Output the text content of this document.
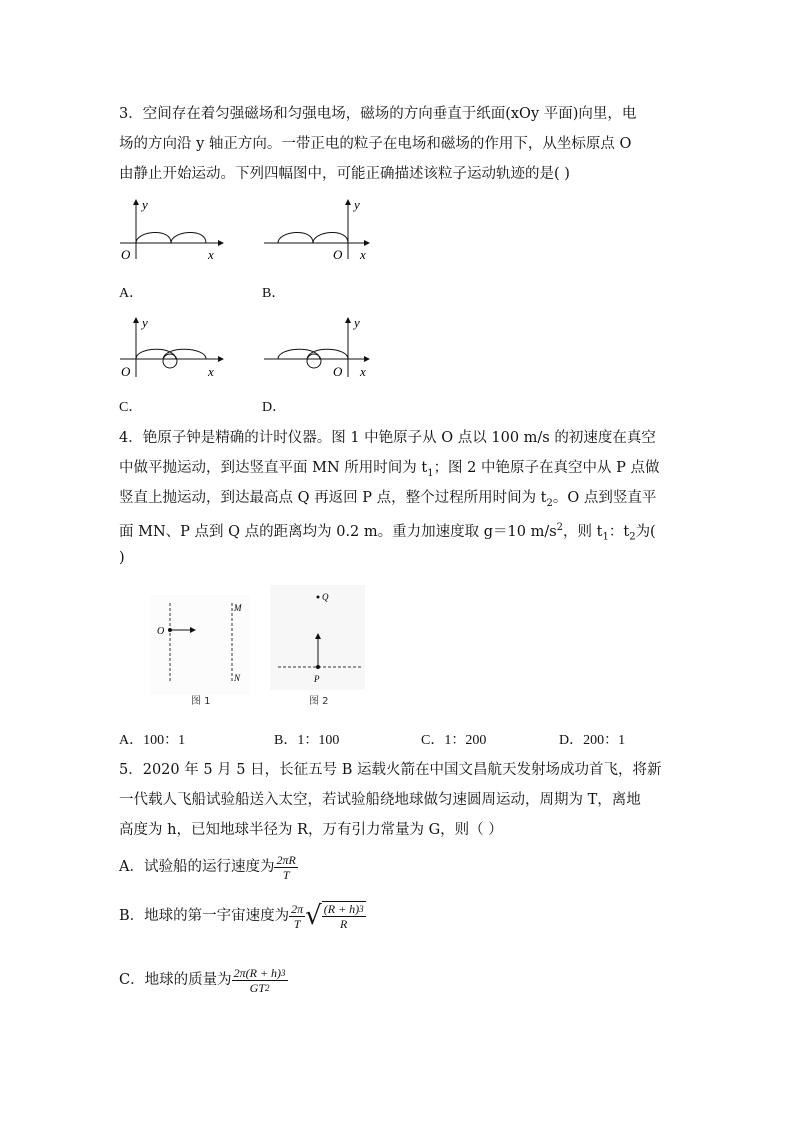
3．空间存在着匀强磁场和匀强电场，磁场的方向垂直于纸面(xOy 平面)向里，电
场的方向沿 y 轴正方向。一带正电的粒子在电场和磁场的作用下，从坐标原点 O
由静止开始运动。下列四幅图中，可能正确描述该粒子运动轨迹的是( )
y
O	x
A．
y
O x
B．
y
O	x
C．
y
O x
D．
4．铯原子钟是精确的计时仪器。图 1 中铯原子从 O 点以 100 m/s 的初速度在真空
中做平抛运动，到达竖直平面 MN 所用时间为 $t_1$；图 2 中铯原子在真空中从 P 点做
竖直上抛运动，到达最高点 Q 再返回 P 点，整个过程所用时间为 $t_2$。O 点到竖直平
面 MN、P 点到 Q 点的距离均为 0.2 m。重力加速度取 g＝10 $m/s^2$，则 $t_1$：$t_2$为(
)
O
M
N
图 1
Q
P
图 2
A．100：1	B．1：100	C．1：200	D．200：1
5．2020 年 5 月 5 日，长征五号 B 运载火箭在中国文昌航天发射场成功首飞，将新
一代载人飞船试验船送入太空，若试验船绕地球做匀速圆周运动，周期为 T，离地
高度为 h，已知地球半径为 R，万有引力常量为 G，则（ ）
A．试验船的运行速度为 $\frac{2\pi R}{T}$
B．地球的第一宇宙速度为 $\frac{2\pi}{T}$ √ $\frac{(R + h)^3}{R}$
C．地球的质量为 $\frac{2\pi(R + h)^3}{GT^2}$
